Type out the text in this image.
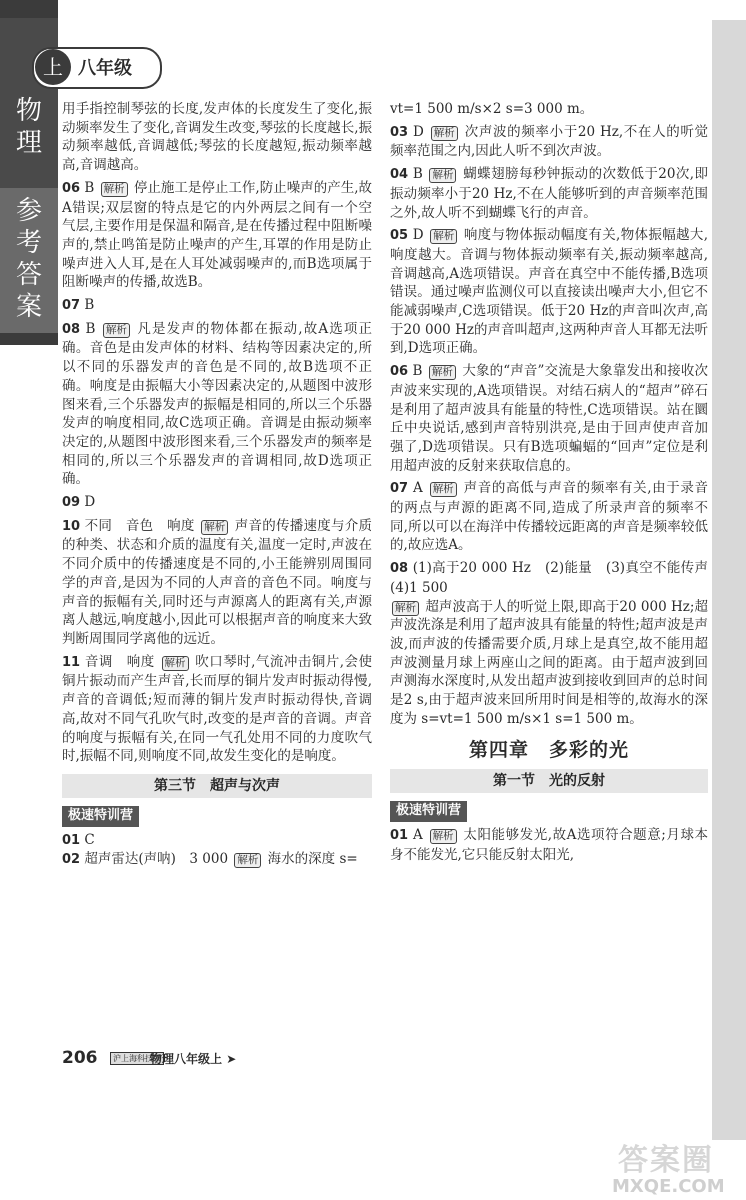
物理
参考答案
上 八年级

用手指控制琴弦的长度,发声体的长度发生了变化,振动频率发生了变化,音调发生改变,琴弦的长度越长,振动频率越低,音调越低;琴弦的长度越短,振动频率越高,音调越高。

06 B 解析 停止施工是停止工作,防止噪声的产生,故A错误;双层窗的特点是它的内外两层之间有一个空气层,主要作用是保温和隔音,是在传播过程中阻断噪声的,禁止鸣笛是防止噪声的产生,耳罩的作用是防止噪声进入人耳,是在人耳处减弱噪声的,而B选项属于阻断噪声的传播,故选B。

07 B

08 B 解析 凡是发声的物体都在振动,故A选项正确。音色是由发声体的材料、结构等因素决定的,所以不同的乐器发声的音色是不同的,故B选项不正确。响度是由振幅大小等因素决定的,从题图中波形图来看,三个乐器发声的振幅是相同的,所以三个乐器发声的响度相同,故C选项正确。音调是由振动频率决定的,从题图中波形图来看,三个乐器发声的频率是相同的,所以三个乐器发声的音调相同,故D选项正确。

09 D

10 不同　音色　响度 解析 声音的传播速度与介质的种类、状态和介质的温度有关,温度一定时,声波在不同介质中的传播速度是不同的,小王能辨别周围同学的声音,是因为不同的人声音的音色不同。响度与声音的振幅有关,同时还与声源离人的距离有关,声源离人越远,响度越小,因此可以根据声音的响度来大致判断周围同学离他的远近。

11 音调　响度 解析 吹口琴时,气流冲击铜片,会使铜片振动而产生声音,长而厚的铜片发声时振动得慢,声音的音调低;短而薄的铜片发声时振动得快,音调高,故对不同气孔吹气时,改变的是声音的音调。声音的响度与振幅有关,在同一气孔处用不同的力度吹气时,振幅不同,则响度不同,故发生变化的是响度。

第三节　超声与次声
极速特训营

01 C

02 超声雷达(声呐)　3 000 解析 海水的深度 s=

vt=1 500 m/s×2 s=3 000 m。

03 D 解析 次声波的频率小于20 Hz,不在人的听觉频率范围之内,因此人听不到次声波。

04 B 解析 蝴蝶翅膀每秒钟振动的次数低于20次,即振动频率小于20 Hz,不在人能够听到的声音频率范围之外,故人听不到蝴蝶飞行的声音。

05 D 解析 响度与物体振动幅度有关,物体振幅越大,响度越大。音调与物体振动频率有关,振动频率越高,音调越高,A选项错误。声音在真空中不能传播,B选项错误。通过噪声监测仪可以直接读出噪声大小,但它不能减弱噪声,C选项错误。低于20 Hz的声音叫次声,高于20 000 Hz的声音叫超声,这两种声音人耳都无法听到,D选项正确。

06 B 解析 大象的“声音”交流是大象靠发出和接收次声波来实现的,A选项错误。对结石病人的“超声”碎石是利用了超声波具有能量的特性,C选项错误。站在圜丘中央说话,感到声音特别洪亮,是由于回声使声音加强了,D选项错误。只有B选项蝙蝠的“回声”定位是利用超声波的反射来获取信息的。

07 A 解析 声音的高低与声音的频率有关,由于录音的两点与声源的距离不同,造成了所录声音的频率不同,所以可以在海洋中传播较远距离的声音是频率较低的,故应选A。

08 (1)高于20 000 Hz　(2)能量　(3)真空不能传声　(4)1 500

解析 超声波高于人的听觉上限,即高于20 000 Hz;超声波洗涤是利用了超声波具有能量的特性;超声波是声波,而声波的传播需要介质,月球上是真空,故不能用超声波测量月球上两座山之间的距离。由于超声波到回声测海水深度时,从发出超声波到接收到回声的总时间是2 s,由于超声波来回所用时间是相等的,故海水的深度为 s=vt=1 500 m/s×1 s=1 500 m。

第四章　多彩的光
第一节　光的反射
极速特训营

01 A 解析 太阳能够发光,故A选项符合题意;月球本身不能发光,它只能反射太阳光,

206	沪上海科技版
物理八年级上 ➤
答案圈
MXQE.COM
